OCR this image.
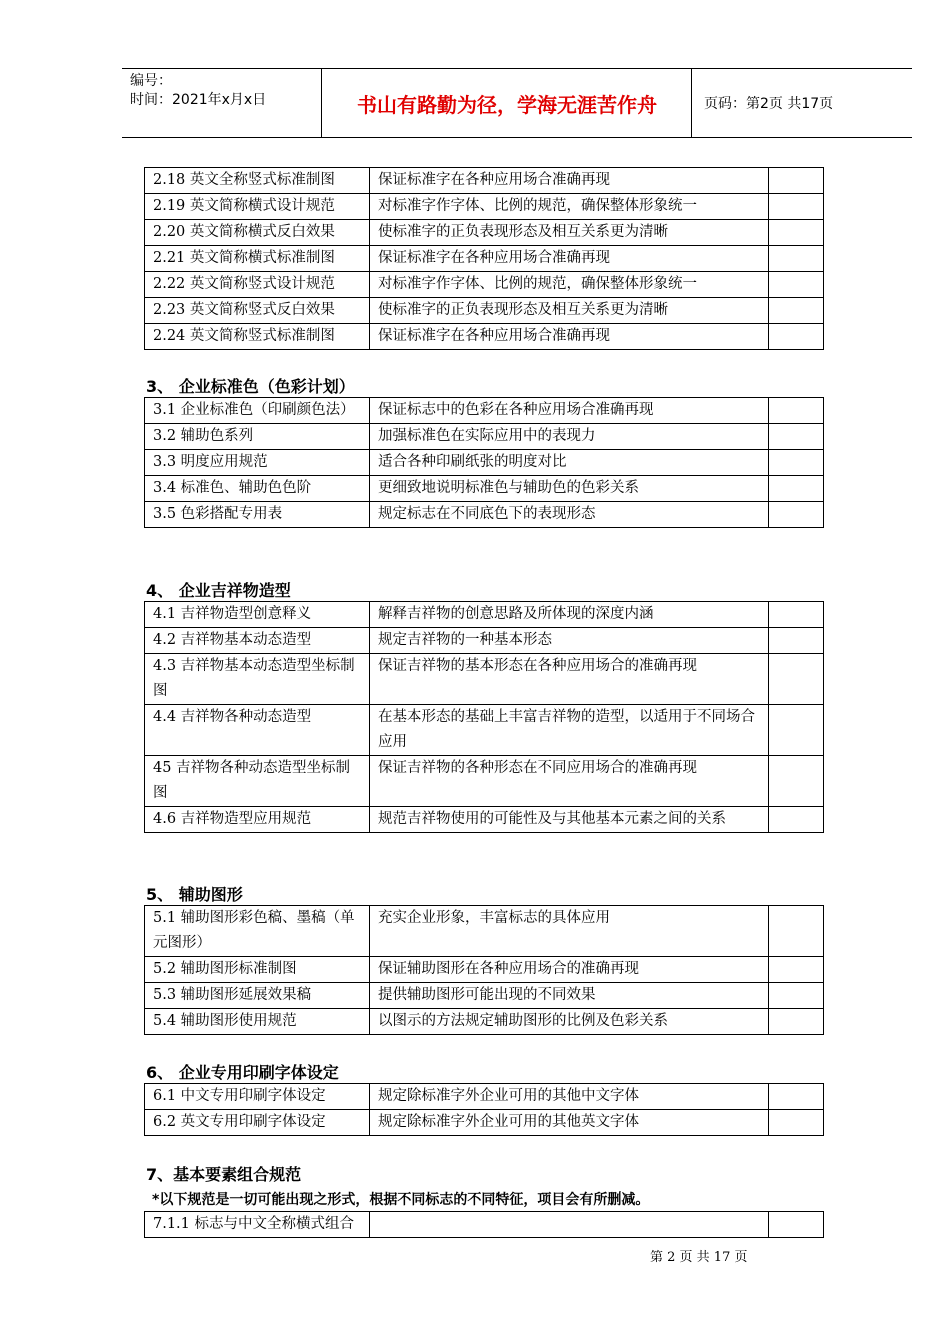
编号：
时间：2021年x月x日	书山有路勤为径，学海无涯苦作舟	页码：第2页 共17页
2.18 英文全称竖式标准制图	保证标准字在各种应用场合准确再现	
2.19 英文简称横式设计规范	对标准字作字体、比例的规范，确保整体形象统一	
2.20 英文简称横式反白效果	使标准字的正负表现形态及相互关系更为清晰	
2.21 英文简称横式标准制图	保证标准字在各种应用场合准确再现	
2.22 英文简称竖式设计规范	对标准字作字体、比例的规范，确保整体形象统一	
2.23 英文简称竖式反白效果	使标准字的正负表现形态及相互关系更为清晰	
2.24 英文简称竖式标准制图	保证标准字在各种应用场合准确再现	
3、 企业标准色（色彩计划）
3.1 企业标准色（印刷颜色法）	保证标志中的色彩在各种应用场合准确再现	
3.2 辅助色系列	加强标准色在实际应用中的表现力	
3.3 明度应用规范	适合各种印刷纸张的明度对比	
3.4 标准色、辅助色色阶	更细致地说明标准色与辅助色的色彩关系	
3.5 色彩搭配专用表	规定标志在不同底色下的表现形态	
4、 企业吉祥物造型
4.1 吉祥物造型创意释义	解释吉祥物的创意思路及所体现的深度内涵	
4.2 吉祥物基本动态造型	规定吉祥物的一种基本形态	
4.3 吉祥物基本动态造型坐标制图	保证吉祥物的基本形态在各种应用场合的准确再现	
4.4 吉祥物各种动态造型	在基本形态的基础上丰富吉祥物的造型，以适用于不同场合应用	
45 吉祥物各种动态造型坐标制图	保证吉祥物的各种形态在不同应用场合的准确再现	
4.6 吉祥物造型应用规范	规范吉祥物使用的可能性及与其他基本元素之间的关系	
5、 辅助图形
5.1 辅助图形彩色稿、墨稿（单元图形）	充实企业形象，丰富标志的具体应用	
5.2 辅助图形标准制图	保证辅助图形在各种应用场合的准确再现	
5.3 辅助图形延展效果稿	提供辅助图形可能出现的不同效果	
5.4 辅助图形使用规范	以图示的方法规定辅助图形的比例及色彩关系	
6、 企业专用印刷字体设定
6.1 中文专用印刷字体设定	规定除标准字外企业可用的其他中文字体	
6.2 英文专用印刷字体设定	规定除标准字外企业可用的其他英文字体	
7、基本要素组合规范
*以下规范是一切可能出现之形式，根据不同标志的不同特征，项目会有所删减。
7.1.1 标志与中文全称横式组合		
第 2 页 共 17 页
